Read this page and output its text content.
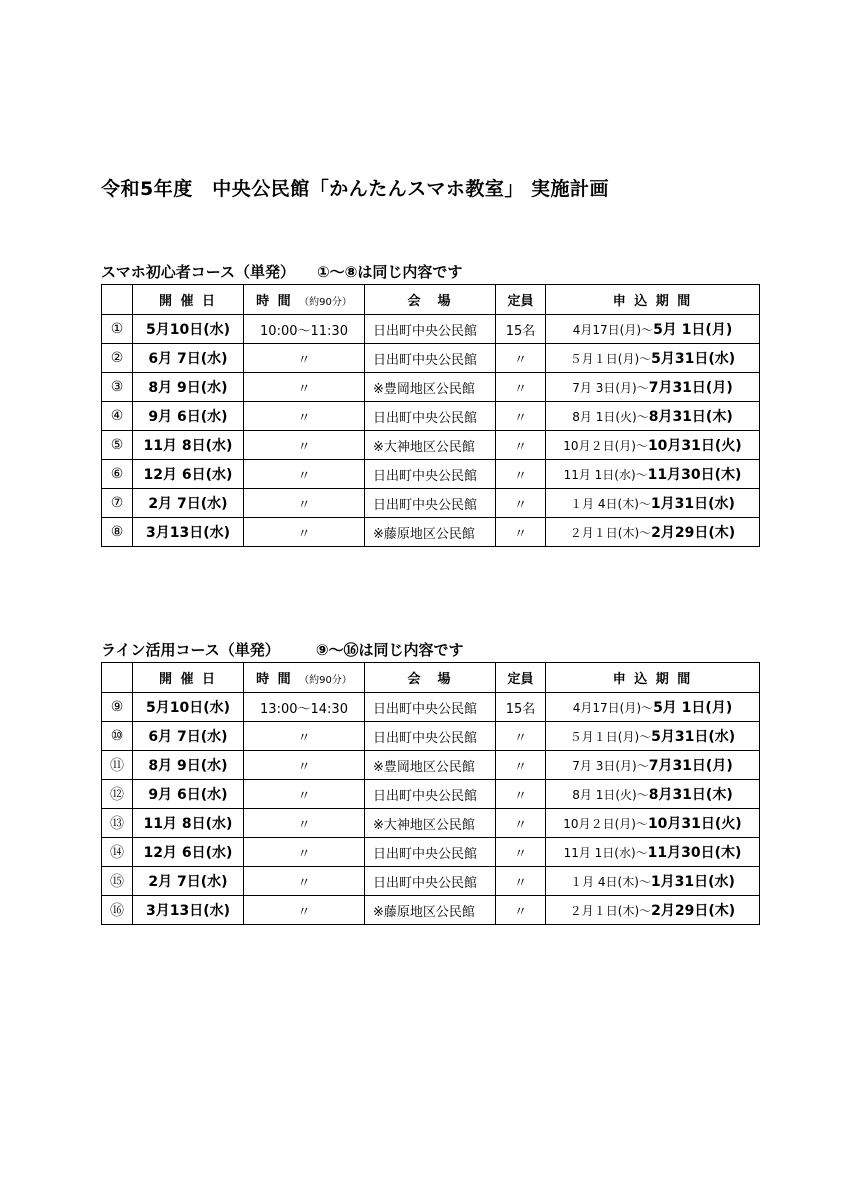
令和5年度　中央公民館「かんたんスマホ教室」 実施計画
スマホ初心者コース（単発） ①～⑧は同じ内容です
	開 催 日	時 間 （約90分）	会　場	定員	申 込 期 間
①	5月10日(水)	10:00～11:30	日出町中央公民館	15名	4月17日(月)～5月 1日(月)
②	6月 7日(水)	〃	日出町中央公民館	〃	５月１日(月)～5月31日(水)
③	8月 9日(水)	〃	※豊岡地区公民館	〃	7月 3日(月)～7月31日(月)
④	9月 6日(水)	〃	日出町中央公民館	〃	8月 1日(火)～8月31日(木)
⑤	11月 8日(水)	〃	※大神地区公民館	〃	10月２日(月)～10月31日(火)
⑥	12月 6日(水)	〃	日出町中央公民館	〃	11月 1日(水)～11月30日(木)
⑦	2月 7日(水)	〃	日出町中央公民館	〃	１月 4日(木)～1月31日(水)
⑧	3月13日(水)	〃	※藤原地区公民館	〃	２月１日(木)～2月29日(木)
ライン活用コース（単発） ⑨～⑯は同じ内容です
	開 催 日	時 間 （約90分）	会　場	定員	申 込 期 間
⑨	5月10日(水)	13:00～14:30	日出町中央公民館	15名	4月17日(月)～5月 1日(月)
⑩	6月 7日(水)	〃	日出町中央公民館	〃	５月１日(月)～5月31日(水)
⑪	8月 9日(水)	〃	※豊岡地区公民館	〃	7月 3日(月)～7月31日(月)
⑫	9月 6日(水)	〃	日出町中央公民館	〃	8月 1日(火)～8月31日(木)
⑬	11月 8日(水)	〃	※大神地区公民館	〃	10月２日(月)～10月31日(火)
⑭	12月 6日(水)	〃	日出町中央公民館	〃	11月 1日(水)～11月30日(木)
⑮	2月 7日(水)	〃	日出町中央公民館	〃	１月 4日(木)～1月31日(水)
⑯	3月13日(水)	〃	※藤原地区公民館	〃	２月１日(木)～2月29日(木)
